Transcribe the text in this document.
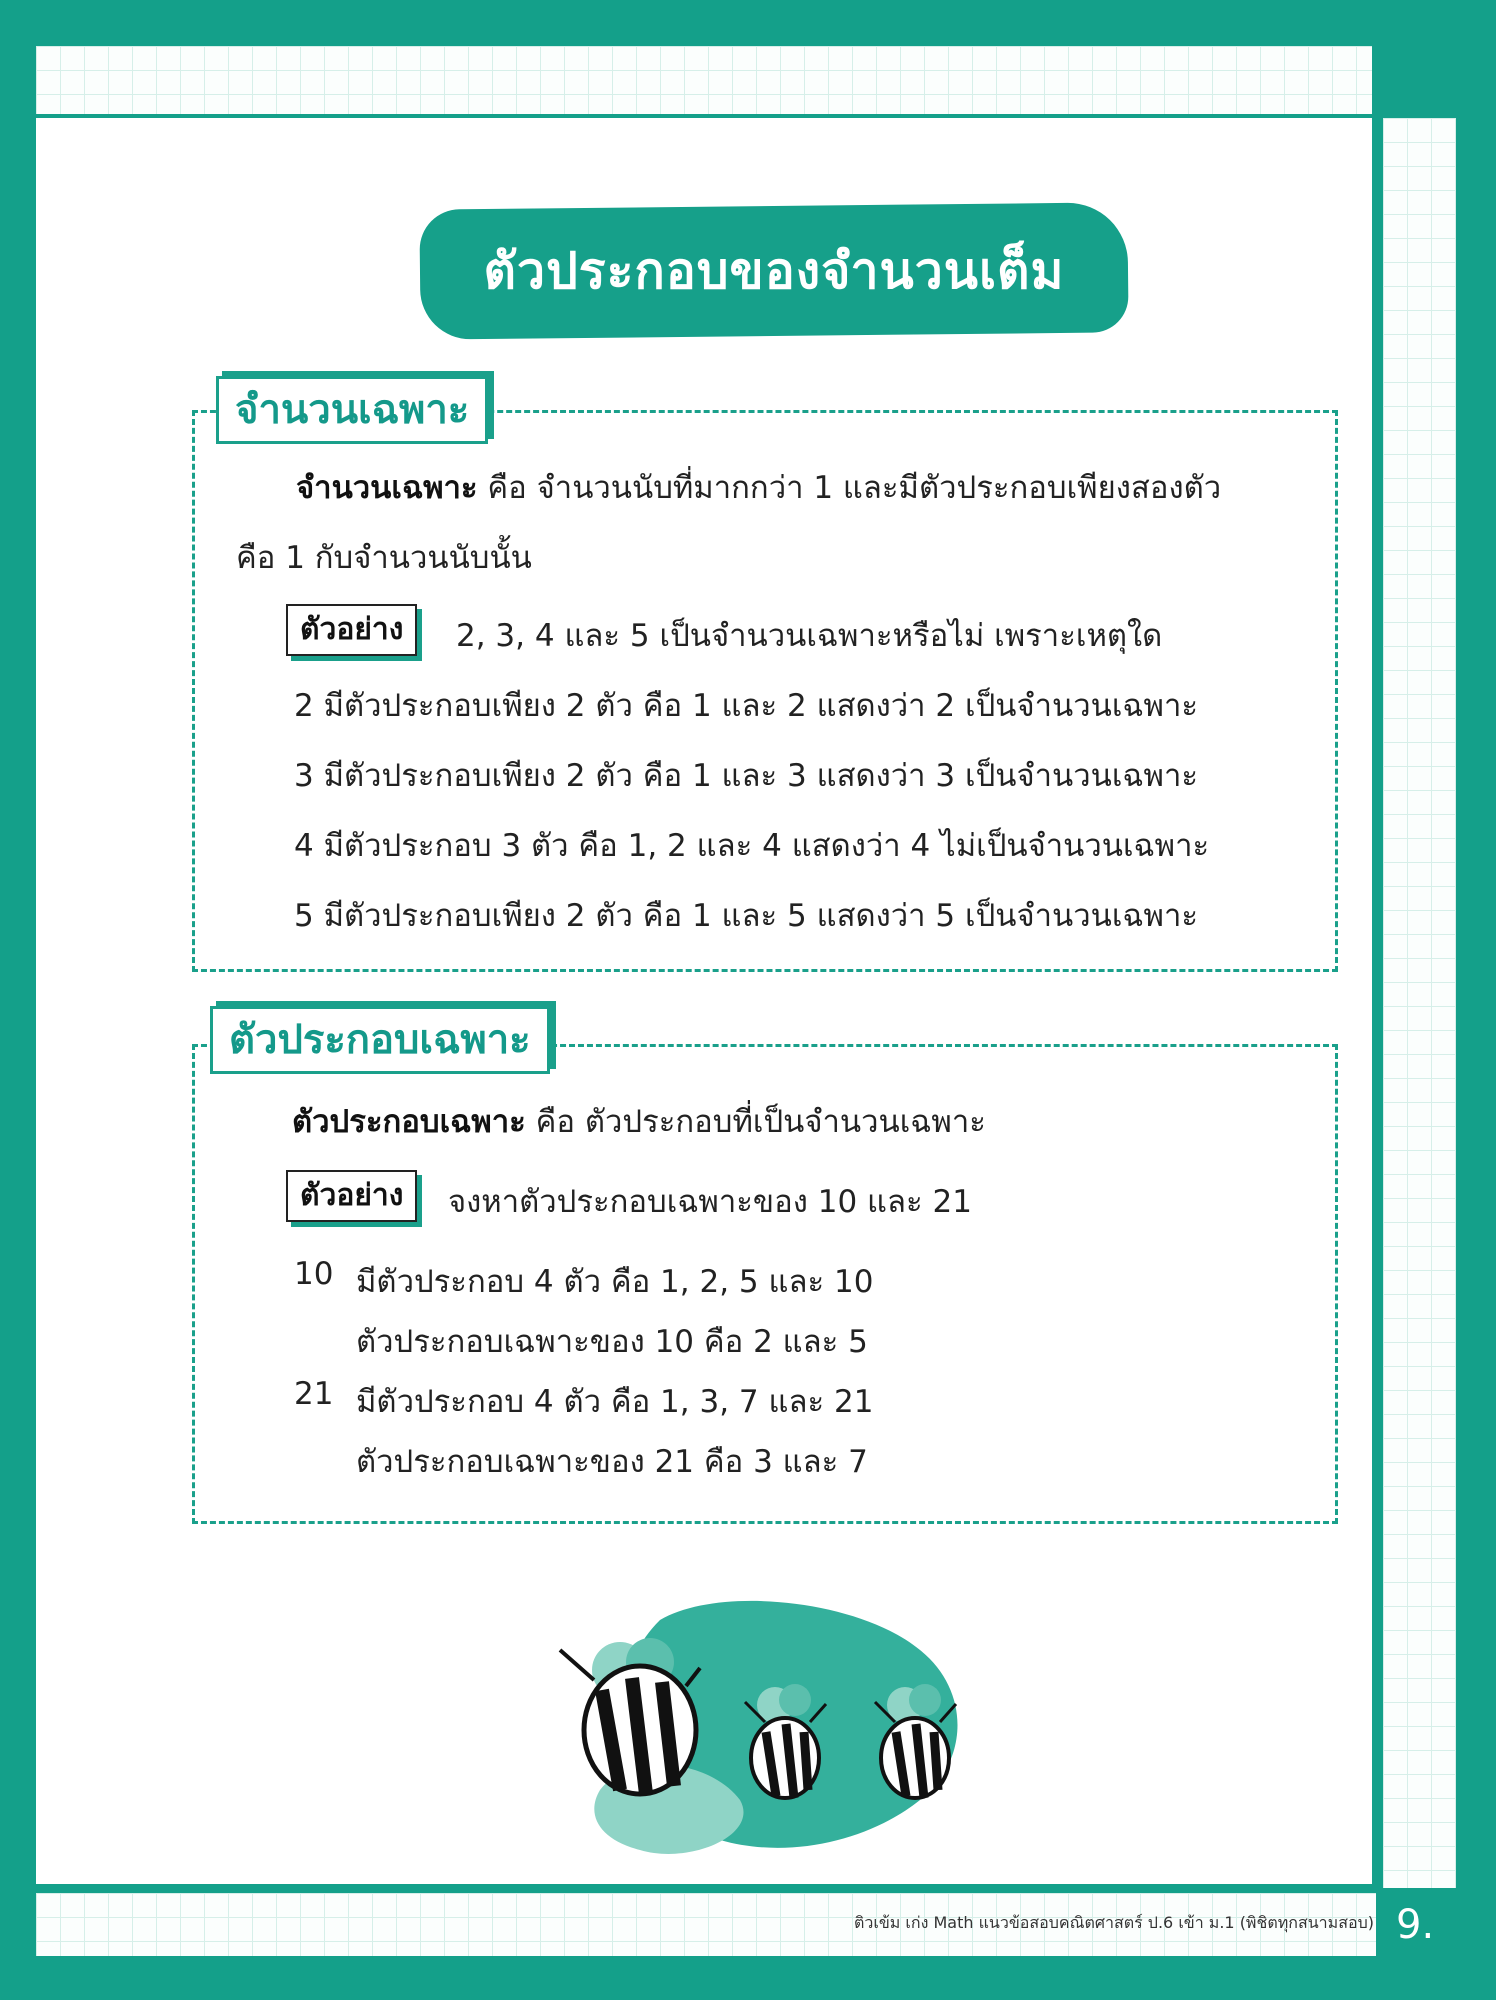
ตัวประกอบของจำนวนเต็ม
จำนวนเฉพาะ
จำนวนเฉพาะ คือ จำนวนนับที่มากกว่า 1 และมีตัวประกอบเพียงสองตัว
คือ 1 กับจำนวนนับนั้น
ตัวอย่าง	2, 3, 4 และ 5 เป็นจำนวนเฉพาะหรือไม่ เพราะเหตุใด
2 มีตัวประกอบเพียง 2 ตัว คือ 1 และ 2 แสดงว่า 2 เป็นจำนวนเฉพาะ
3 มีตัวประกอบเพียง 2 ตัว คือ 1 และ 3 แสดงว่า 3 เป็นจำนวนเฉพาะ
4 มีตัวประกอบ 3 ตัว คือ 1, 2 และ 4 แสดงว่า 4 ไม่เป็นจำนวนเฉพาะ
5 มีตัวประกอบเพียง 2 ตัว คือ 1 และ 5 แสดงว่า 5 เป็นจำนวนเฉพาะ
ตัวประกอบเฉพาะ
ตัวประกอบเฉพาะ คือ ตัวประกอบที่เป็นจำนวนเฉพาะ
ตัวอย่าง	จงหาตัวประกอบเฉพาะของ 10 และ 21
10 มีตัวประกอบ 4 ตัว คือ 1, 2, 5 และ 10
ตัวประกอบเฉพาะของ 10 คือ 2 และ 5
21 มีตัวประกอบ 4 ตัว คือ 1, 3, 7 และ 21
ตัวประกอบเฉพาะของ 21 คือ 3 และ 7
ติวเข้ม เก่ง Math แนวข้อสอบคณิตศาสตร์ ป.6 เข้า ม.1 (พิชิตทุกสนามสอบ) 9.
